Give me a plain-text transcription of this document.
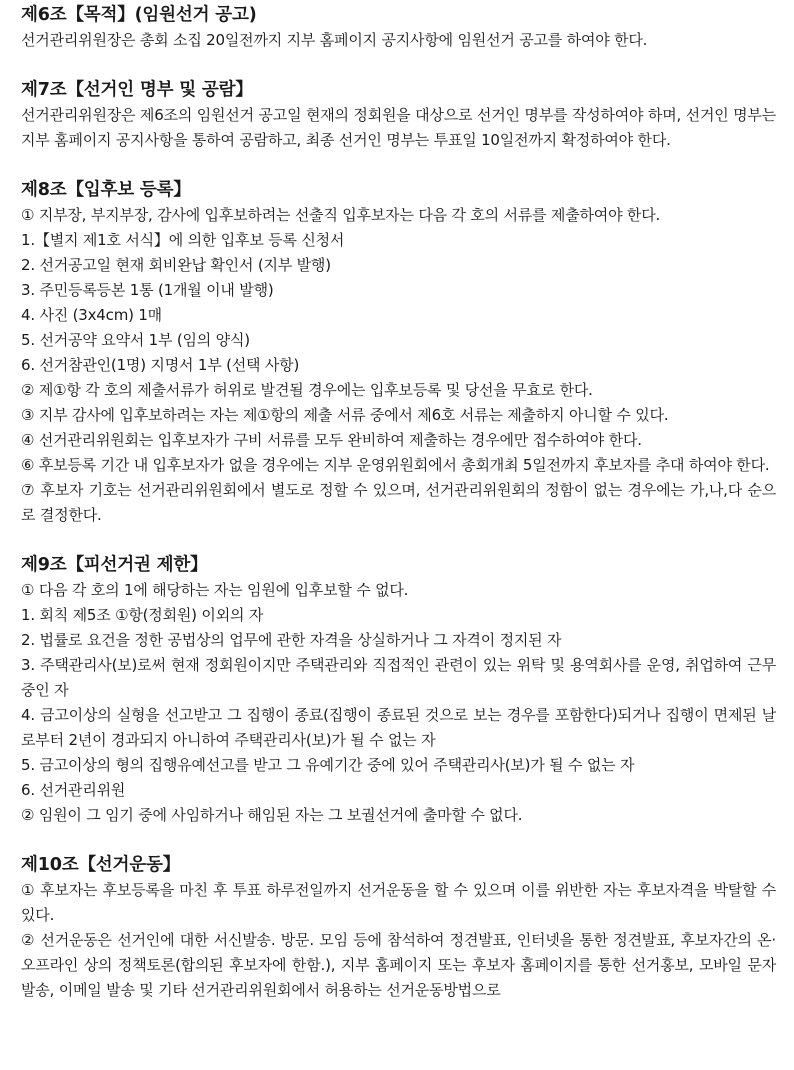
제6조【목적】(임원선거 공고)

선거관리위원장은 총회 소집 20일전까지 지부 홈페이지 공지사항에 임원선거 공고를 하여야 한다.

제7조【선거인 명부 및 공람】

선거관리위원장은 제6조의 임원선거 공고일 현재의 정회원을 대상으로 선거인 명부를 작성하여야 하며, 선거인 명부는 지부 홈페이지 공지사항을 통하여 공람하고, 최종 선거인 명부는 투표일 10일전까지 확정하여야 한다.

제8조【입후보 등록】

① 지부장, 부지부장, 감사에 입후보하려는 선출직 입후보자는 다음 각 호의 서류를 제출하여야 한다.

1.【별지 제1호 서식】에 의한 입후보 등록 신청서

2. 선거공고일 현재 회비완납 확인서 (지부 발행)

3. 주민등록등본 1통 (1개월 이내 발행)

4. 사진 (3x4cm) 1매

5. 선거공약 요약서 1부 (임의 양식)

6. 선거참관인(1명) 지명서 1부 (선택 사항)

② 제①항 각 호의 제출서류가 허위로 발견될 경우에는 입후보등록 및 당선을 무효로 한다.

③ 지부 감사에 입후보하려는 자는 제①항의 제출 서류 중에서 제6호 서류는 제출하지 아니할 수 있다.

④ 선거관리위원회는 입후보자가 구비 서류를 모두 완비하여 제출하는 경우에만 접수하여야 한다.

⑥ 후보등록 기간 내 입후보자가 없을 경우에는 지부 운영위원회에서 총회개최 5일전까지 후보자를 추대 하여야 한다.

⑦ 후보자 기호는 선거관리위원회에서 별도로 정할 수 있으며, 선거관리위원회의 정함이 없는 경우에는 가,나,다 순으로 결정한다.

제9조【피선거권 제한】

① 다음 각 호의 1에 해당하는 자는 임원에 입후보할 수 없다.

1. 회칙 제5조 ①항(정회원) 이외의 자

2. 법률로 요건을 정한 공법상의 업무에 관한 자격을 상실하거나 그 자격이 정지된 자

3. 주택관리사(보)로써 현재 정회원이지만 주택관리와 직접적인 관련이 있는 위탁 및 용역회사를 운영, 취업하여 근무 중인 자

4. 금고이상의 실형을 선고받고 그 집행이 종료(집행이 종료된 것으로 보는 경우를 포함한다)되거나 집행이 면제된 날로부터 2년이 경과되지 아니하여 주택관리사(보)가 될 수 없는 자

5. 금고이상의 형의 집행유예선고를 받고 그 유예기간 중에 있어 주택관리사(보)가 될 수 없는 자

6. 선거관리위원

② 임원이 그 임기 중에 사임하거나 해임된 자는 그 보궐선거에 출마할 수 없다.

제10조【선거운동】

① 후보자는 후보등록을 마친 후 투표 하루전일까지 선거운동을 할 수 있으며 이를 위반한 자는 후보자격을 박탈할 수 있다.

② 선거운동은 선거인에 대한 서신발송. 방문. 모임 등에 참석하여 정견발표, 인터넷을 통한 정견발표, 후보자간의 온·오프라인 상의 정책토론(합의된 후보자에 한함.), 지부 홈페이지 또는 후보자 홈페이지를 통한 선거홍보, 모바일 문자 발송, 이메일 발송 및 기타 선거관리위원회에서 허용하는 선거운동방법으로
